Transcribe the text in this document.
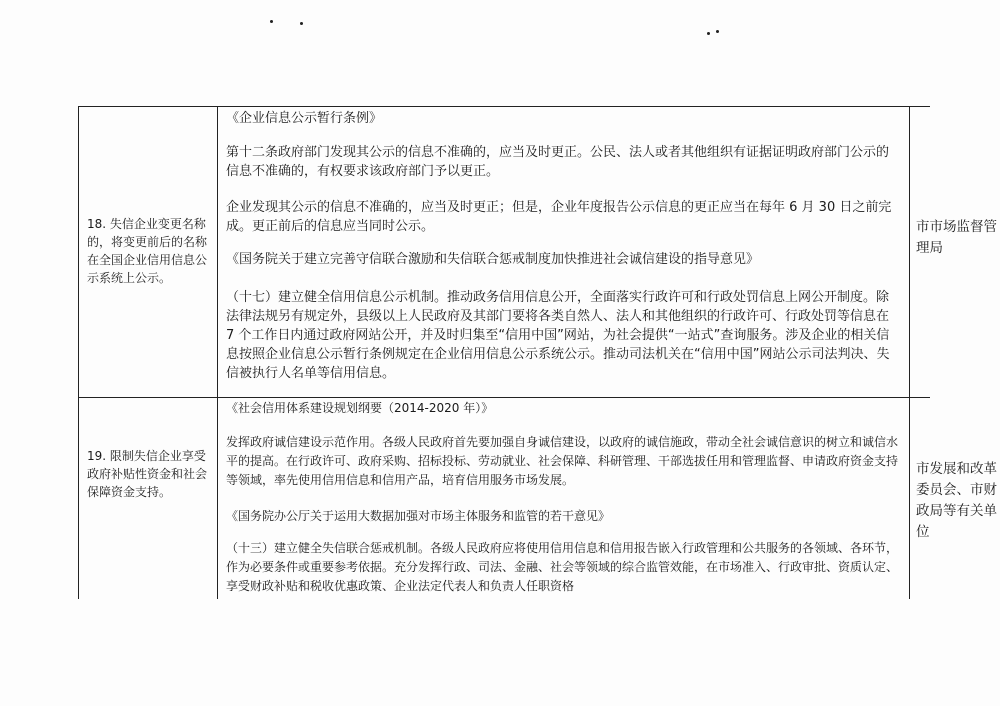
18. 失信企业变更名称的，将变更前后的名称在全国企业信用信息公示系统上公示。

《企业信息公示暂行条例》

第十二条政府部门发现其公示的信息不准确的，应当及时更正。公民、法人或者其他组织有证据证明政府部门公示的信息不准确的，有权要求该政府部门予以更正。

企业发现其公示的信息不准确的，应当及时更正；但是，企业年度报告公示信息的更正应当在每年 6 月 30 日之前完成。更正前后的信息应当同时公示。

《国务院关于建立完善守信联合激励和失信联合惩戒制度加快推进社会诚信建设的指导意见》

（十七）建立健全信用信息公示机制。推动政务信用信息公开，全面落实行政许可和行政处罚信息上网公开制度。除法律法规另有规定外，县级以上人民政府及其部门要将各类自然人、法人和其他组织的行政许可、行政处罚等信息在 7 个工作日内通过政府网站公开，并及时归集至“信用中国”网站，为社会提供“一站式”查询服务。涉及企业的相关信息按照企业信息公示暂行条例规定在企业信用信息公示系统公示。推动司法机关在“信用中国”网站公示司法判决、失信被执行人名单等信用信息。

市市场监督管理局
19. 限制失信企业享受政府补贴性资金和社会保障资金支持。

《社会信用体系建设规划纲要（2014-2020 年）》

发挥政府诚信建设示范作用。各级人民政府首先要加强自身诚信建设，以政府的诚信施政，带动全社会诚信意识的树立和诚信水平的提高。在行政许可、政府采购、招标投标、劳动就业、社会保障、科研管理、干部选拔任用和管理监督、申请政府资金支持等领域，率先使用信用信息和信用产品，培育信用服务市场发展。

《国务院办公厅关于运用大数据加强对市场主体服务和监管的若干意见》

（十三）建立健全失信联合惩戒机制。各级人民政府应将使用信用信息和信用报告嵌入行政管理和公共服务的各领域、各环节，作为必要条件或重要参考依据。充分发挥行政、司法、金融、社会等领域的综合监管效能，在市场准入、行政审批、资质认定、享受财政补贴和税收优惠政策、企业法定代表人和负责人任职资格

市发展和改革委员会、市财政局等有关单位
